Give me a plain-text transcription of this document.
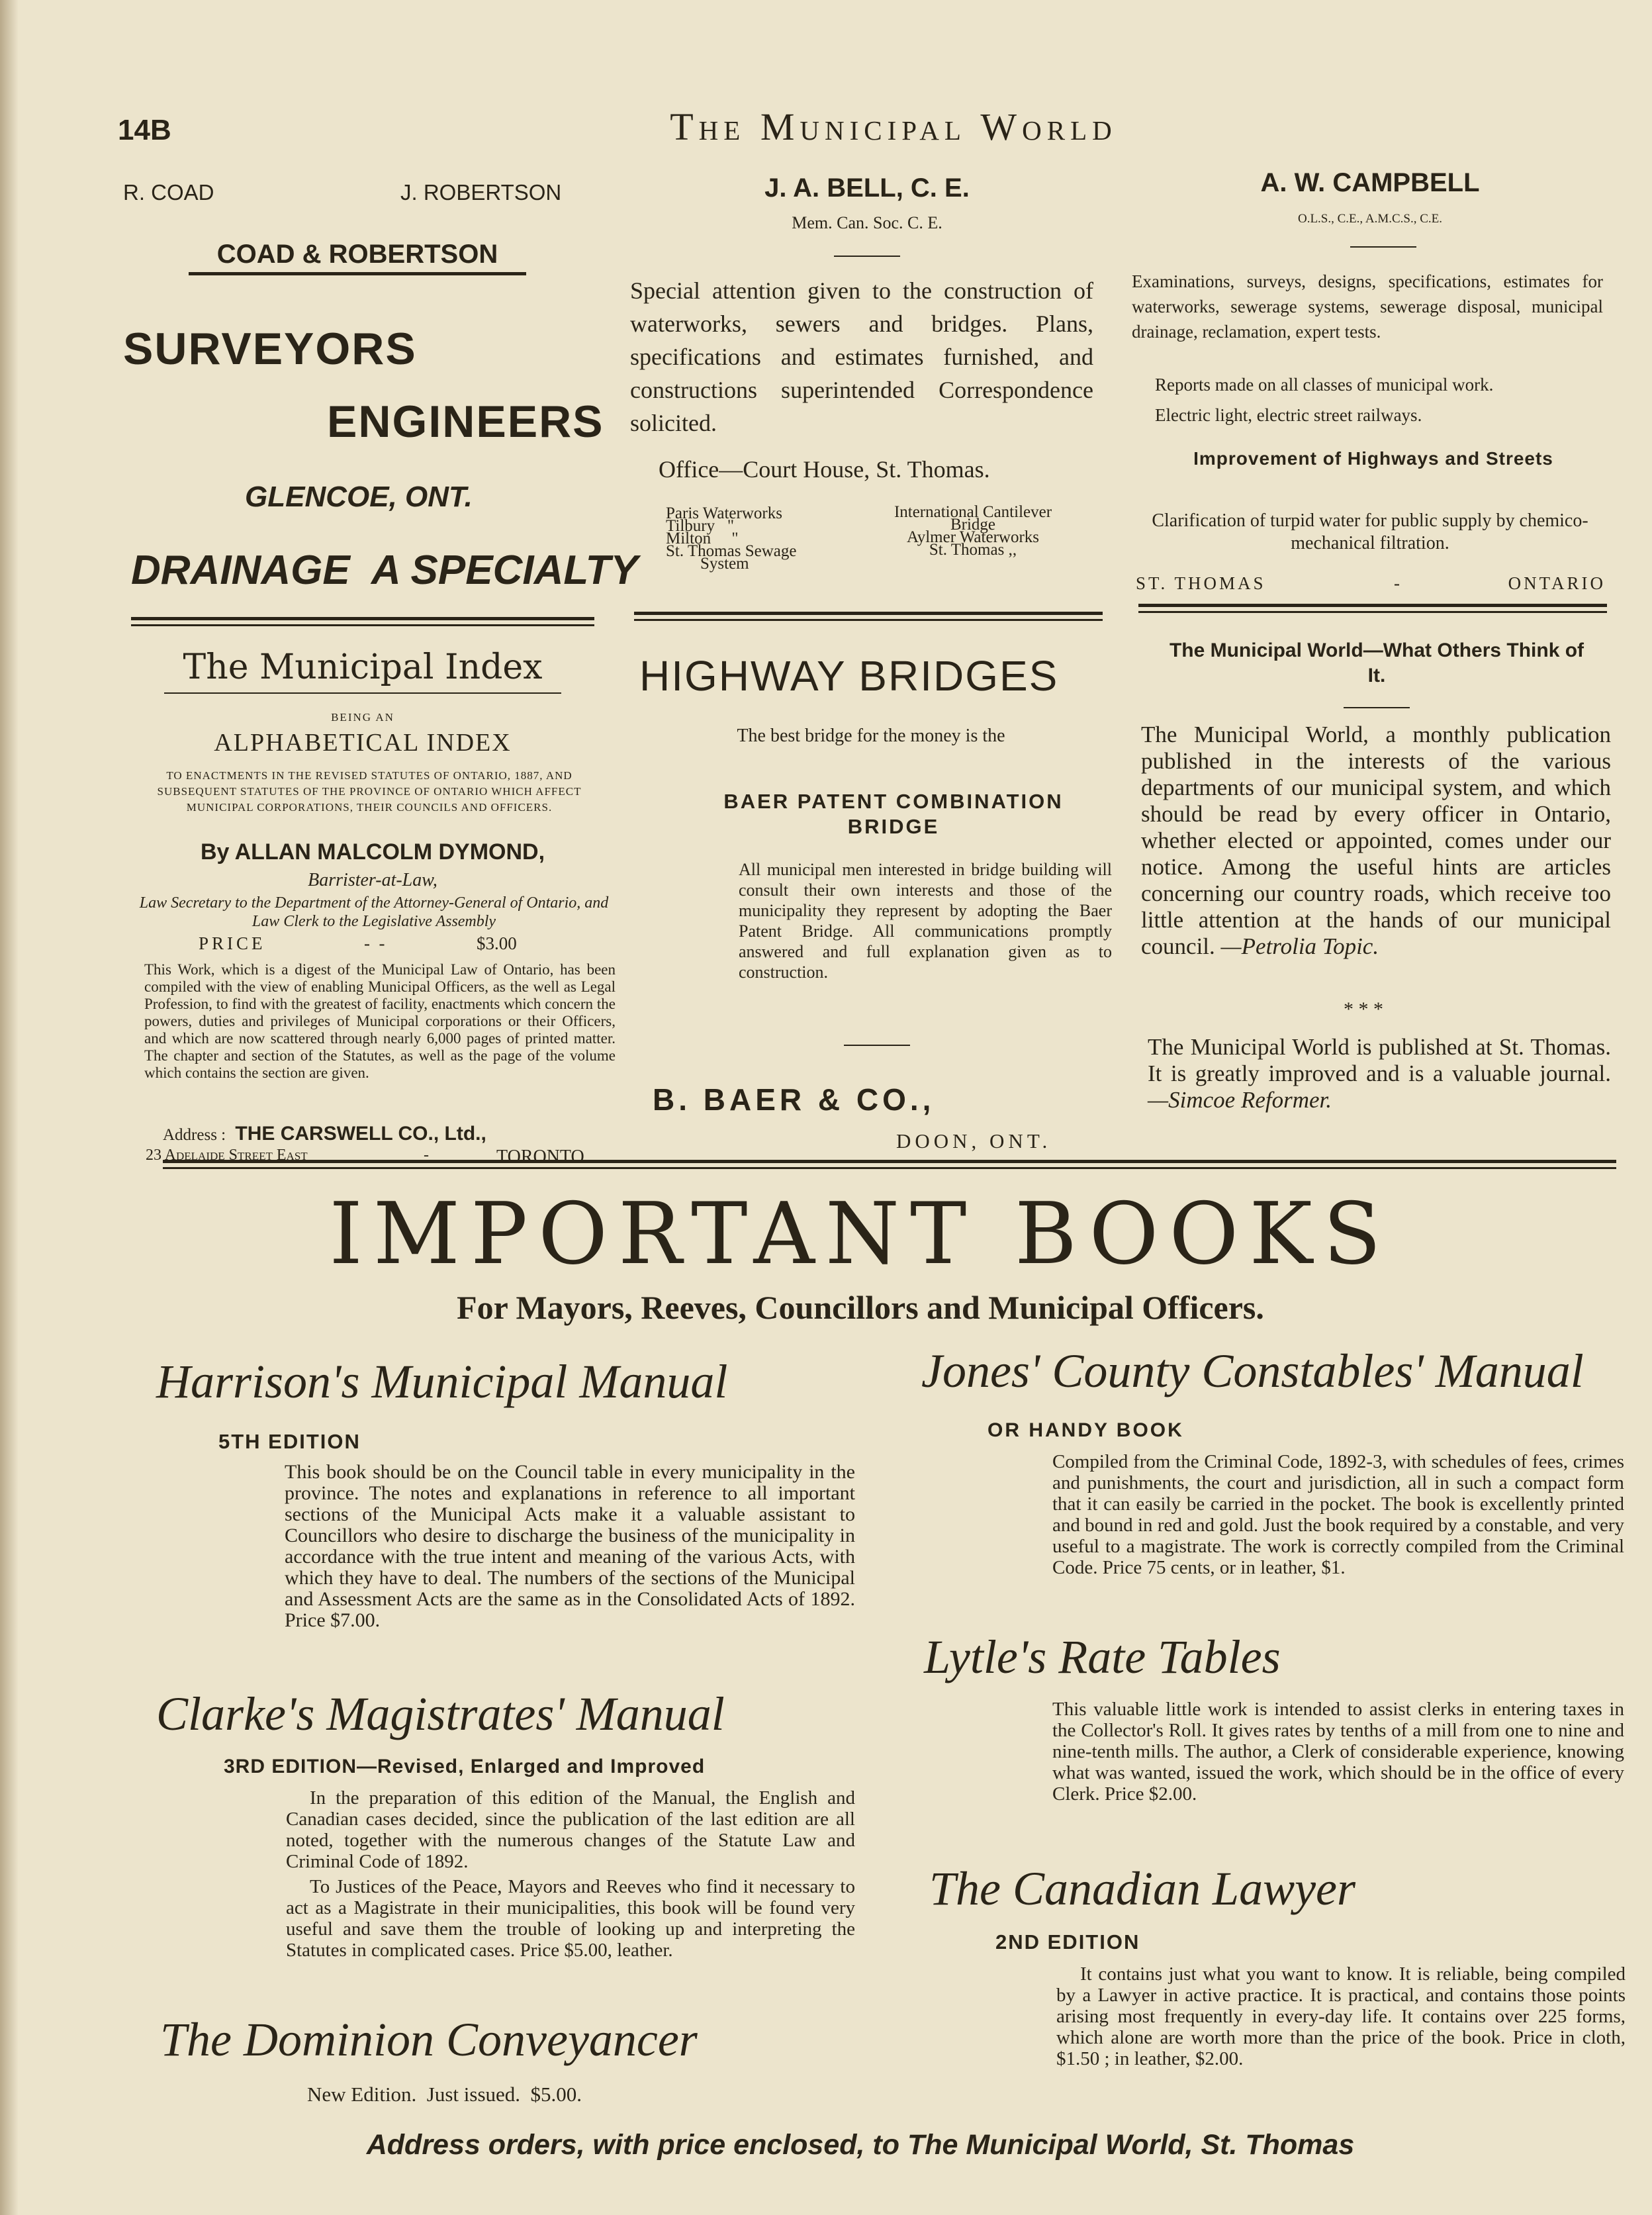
14B	The Municipal World
R. COAD	J. ROBERTSON
COAD & ROBERTSON
SURVEYORS
ENGINEERS
GLENCOE, ONT.
DRAINAGE  A SPECIALTY
J. A. BELL, C. E.
Mem. Can. Soc. C. E.
Special attention given to the construction of waterworks, sewers and bridges. Plans, specifications and estimates furnished, and constructions superintended Correspondence solicited.
Office—Court House, St. Thomas.
Paris Waterworks
Tilbury   "
Milton     "
St. Thomas Sewage
System
International Cantilever
Bridge
Aylmer Waterworks
St. Thomas ,,
A. W. CAMPBELL
O.L.S., C.E., A.M.C.S., C.E.
Examinations, surveys, designs, specifications, estimates for waterworks, sewerage systems, sewerage disposal, municipal drainage, reclamation, expert tests.
Reports made on all classes of municipal work.
Electric light, electric street railways.
Improvement of Highways and Streets
Clarification of turpid water for public supply by chemico-mechanical filtration.
ST. THOMAS	-	ONTARIO
The Municipal Index
BEING AN
ALPHABETICAL INDEX
TO ENACTMENTS IN THE REVISED STATUTES OF ONTARIO, 1887, AND SUBSEQUENT STATUTES OF THE PROVINCE OF ONTARIO WHICH AFFECT MUNICIPAL CORPORATIONS, THEIR COUNCILS AND OFFICERS.
By ALLAN MALCOLM DYMOND,
Barrister-at-Law,
Law Secretary to the Department of the Attorney-General of Ontario, and Law Clerk to the Legislative Assembly
PRICE	-  -	$3.00
This Work, which is a digest of the Municipal Law of Ontario, has been compiled with the view of enabling Municipal Officers, as the well as Legal Profession, to find with the greatest of facility, enactments which concern the powers, duties and privileges of Municipal corporations or their Officers, and which are now scattered through nearly 6,000 pages of printed matter. The chapter and section of the Statutes, as well as the page of the volume which contains the section are given.
Address : THE CARSWELL CO., Ltd.,
23 Adelaide Street East	-	TORONTO.
HIGHWAY BRIDGES
The best bridge for the money is the
BAER PATENT COMBINATION BRIDGE
All municipal men interested in bridge building will consult their own interests and those of the municipality they represent by adopting the Baer Patent Bridge. All communications promptly answered and full explanation given as to construction.
B. BAER & CO.,
DOON, ONT.
The Municipal World—What Others Think of It.
The Municipal World, a monthly publication published in the interests of the various departments of our municipal system, and which should be read by every officer in Ontario, whether elected or appointed, comes under our notice. Among the useful hints are articles concerning our country roads, which receive too little attention at the hands of our municipal council. —Petrolia Topic.
* * *
The Municipal World is published at St. Thomas. It is greatly improved and is a valuable journal. —Simcoe Reformer.
IMPORTANT BOOKS
For Mayors, Reeves, Councillors and Municipal Officers.
Harrison's Municipal Manual
5TH EDITION
This book should be on the Council table in every municipality in the province. The notes and explanations in reference to all important sections of the Municipal Acts make it a valuable assistant to Councillors who desire to discharge the business of the municipality in accordance with the true intent and meaning of the various Acts, with which they have to deal. The numbers of the sections of the Municipal and Assessment Acts are the same as in the Consolidated Acts of 1892. Price $7.00.
Clarke's Magistrates' Manual
3RD EDITION—Revised, Enlarged and Improved
In the preparation of this edition of the Manual, the English and Canadian cases decided, since the publication of the last edition are all noted, together with the numerous changes of the Statute Law and Criminal Code of 1892.
To Justices of the Peace, Mayors and Reeves who find it necessary to act as a Magistrate in their municipalities, this book will be found very useful and save them the trouble of looking up and interpreting the Statutes in complicated cases. Price $5.00, leather.
The Dominion Conveyancer
New Edition.  Just issued.  $5.00.
Jones' County Constables' Manual
OR HANDY BOOK
Compiled from the Criminal Code, 1892-3, with schedules of fees, crimes and punishments, the court and jurisdiction, all in such a compact form that it can easily be carried in the pocket. The book is excellently printed and bound in red and gold. Just the book required by a constable, and very useful to a magistrate. The work is correctly compiled from the Criminal Code. Price 75 cents, or in leather, $1.
Lytle's Rate Tables
This valuable little work is intended to assist clerks in entering taxes in the Collector's Roll. It gives rates by tenths of a mill from one to nine and nine-tenth mills. The author, a Clerk of considerable experience, knowing what was wanted, issued the work, which should be in the office of every Clerk. Price $2.00.
The Canadian Lawyer
2ND EDITION
It contains just what you want to know. It is reliable, being compiled by a Lawyer in active practice. It is practical, and contains those points arising most frequently in every-day life. It contains over 225 forms, which alone are worth more than the price of the book. Price in cloth, $1.50 ; in leather, $2.00.
Address orders, with price enclosed, to The Municipal World, St. Thomas
